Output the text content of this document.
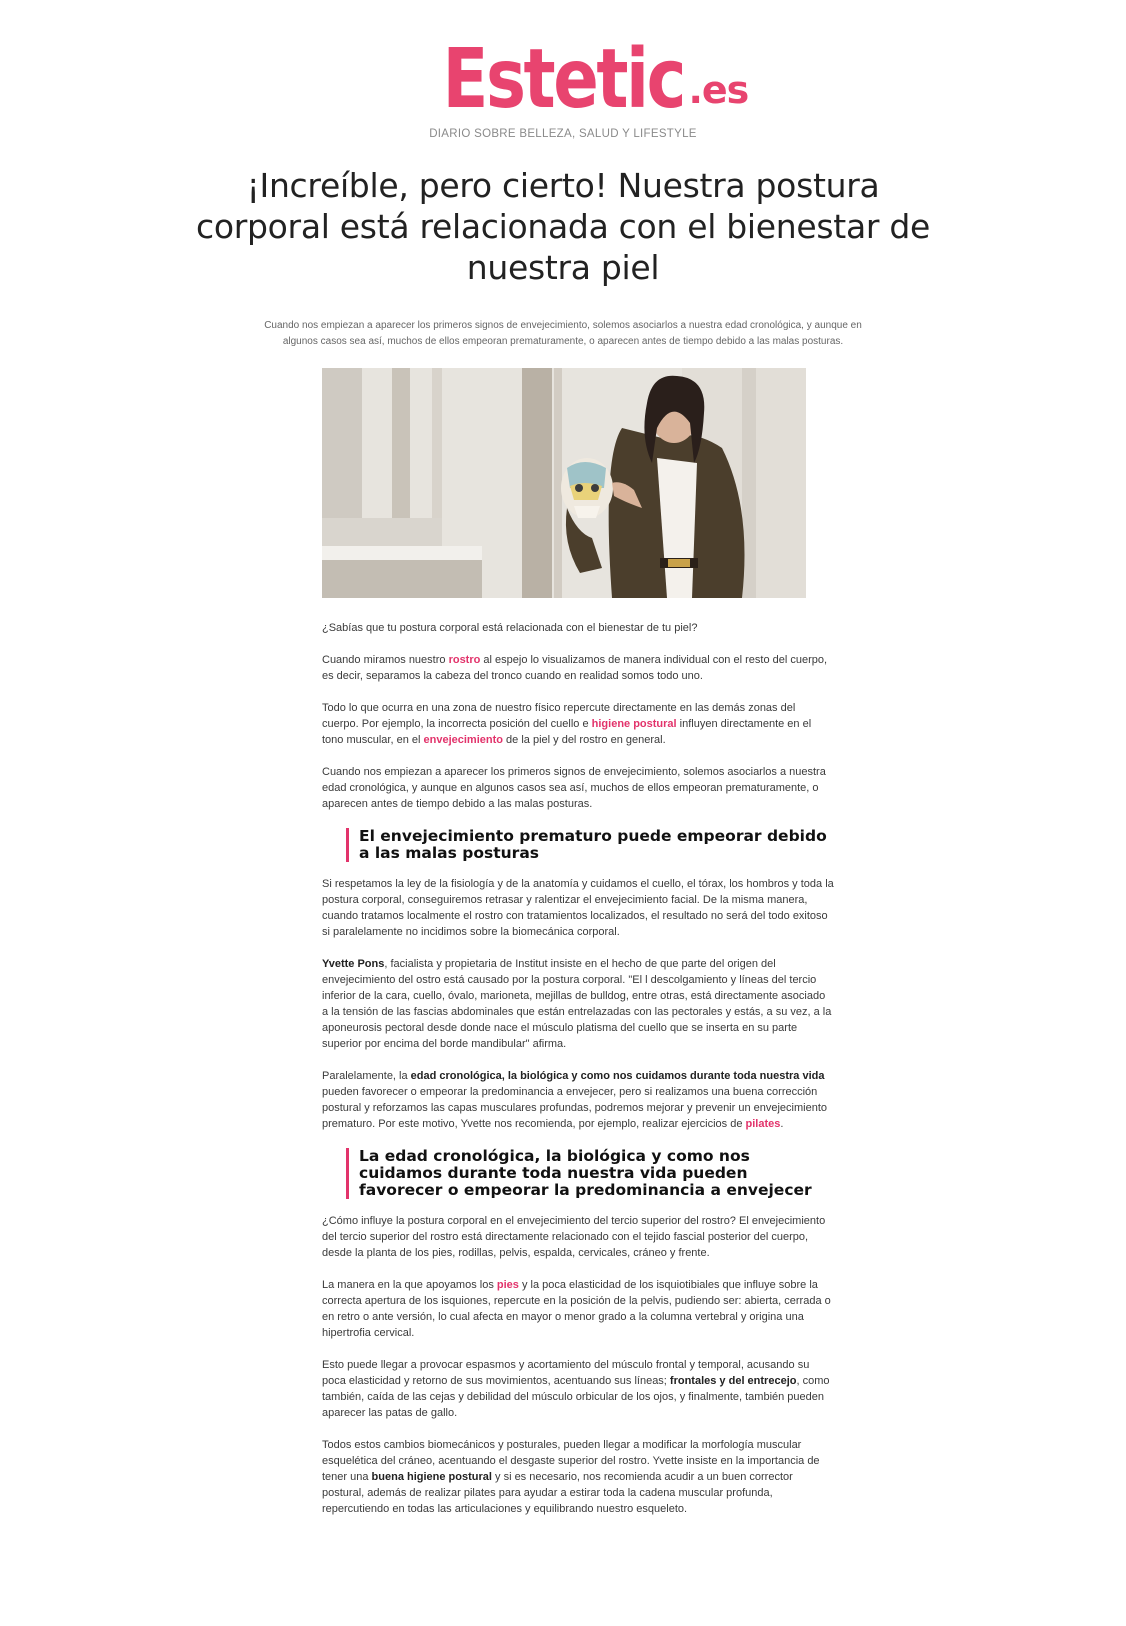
Estetic .es
DIARIO SOBRE BELLEZA, SALUD Y LIFESTYLE
¡Increíble, pero cierto! Nuestra postura corporal está relacionada con el bienestar de nuestra piel

Cuando nos empiezan a aparecer los primeros signos de envejecimiento, solemos asociarlos a nuestra edad cronológica, y aunque en algunos casos sea así, muchos de ellos empeoran prematuramente, o aparecen antes de tiempo debido a las malas posturas.

¿Sabías que tu postura corporal está relacionada con el bienestar de tu piel?

Cuando miramos nuestro rostro al espejo lo visualizamos de manera individual con el resto del cuerpo, es decir, separamos la cabeza del tronco cuando en realidad somos todo uno.

Todo lo que ocurra en una zona de nuestro físico repercute directamente en las demás zonas del cuerpo. Por ejemplo, la incorrecta posición del cuello e higiene postural influyen directamente en el tono muscular, en el envejecimiento de la piel y del rostro en general.

Cuando nos empiezan a aparecer los primeros signos de envejecimiento, solemos asociarlos a nuestra edad cronológica, y aunque en algunos casos sea así, muchos de ellos empeoran prematuramente, o aparecen antes de tiempo debido a las malas posturas.

El envejecimiento prematuro puede empeorar debido a las malas posturas

Si respetamos la ley de la fisiología y de la anatomía y cuidamos el cuello, el tórax, los hombros y toda la postura corporal, conseguiremos retrasar y ralentizar el envejecimiento facial. De la misma manera, cuando tratamos localmente el rostro con tratamientos localizados, el resultado no será del todo exitoso si paralelamente no incidimos sobre la biomecánica corporal.

Yvette Pons, facialista y propietaria de Institut insiste en el hecho de que parte del origen del envejecimiento del ostro está causado por la postura corporal. "El l descolgamiento y líneas del tercio inferior de la cara, cuello, óvalo, marioneta, mejillas de bulldog, entre otras, está directamente asociado a la tensión de las fascias abdominales que están entrelazadas con las pectorales y estás, a su vez, a la aponeurosis pectoral desde donde nace el músculo platisma del cuello que se inserta en su parte superior por encima del borde mandibular" afirma.

Paralelamente, la edad cronológica, la biológica y como nos cuidamos durante toda nuestra vida pueden favorecer o empeorar la predominancia a envejecer, pero si realizamos una buena corrección postural y reforzamos las capas musculares profundas, podremos mejorar y prevenir un envejecimiento prematuro. Por este motivo, Yvette nos recomienda, por ejemplo, realizar ejercicios de pilates.

La edad cronológica, la biológica y como nos cuidamos durante toda nuestra vida pueden favorecer o empeorar la predominancia a envejecer

¿Cómo influye la postura corporal en el envejecimiento del tercio superior del rostro? El envejecimiento del tercio superior del rostro está directamente relacionado con el tejido fascial posterior del cuerpo, desde la planta de los pies, rodillas, pelvis, espalda, cervicales, cráneo y frente.

La manera en la que apoyamos los pies y la poca elasticidad de los isquiotibiales que influye sobre la correcta apertura de los isquiones, repercute en la posición de la pelvis, pudiendo ser: abierta, cerrada o en retro o ante versión, lo cual afecta en mayor o menor grado a la columna vertebral y origina una hipertrofia cervical.

Esto puede llegar a provocar espasmos y acortamiento del músculo frontal y temporal, acusando su poca elasticidad y retorno de sus movimientos, acentuando sus líneas; frontales y del entrecejo, como también, caída de las cejas y debilidad del músculo orbicular de los ojos, y finalmente, también pueden aparecer las patas de gallo.

Todos estos cambios biomecánicos y posturales, pueden llegar a modificar la morfología muscular esquelética del cráneo, acentuando el desgaste superior del rostro. Yvette insiste en la importancia de tener una buena higiene postural y si es necesario, nos recomienda acudir a un buen corrector postural, además de realizar pilates para ayudar a estirar toda la cadena muscular profunda, repercutiendo en todas las articulaciones y equilibrando nuestro esqueleto.
